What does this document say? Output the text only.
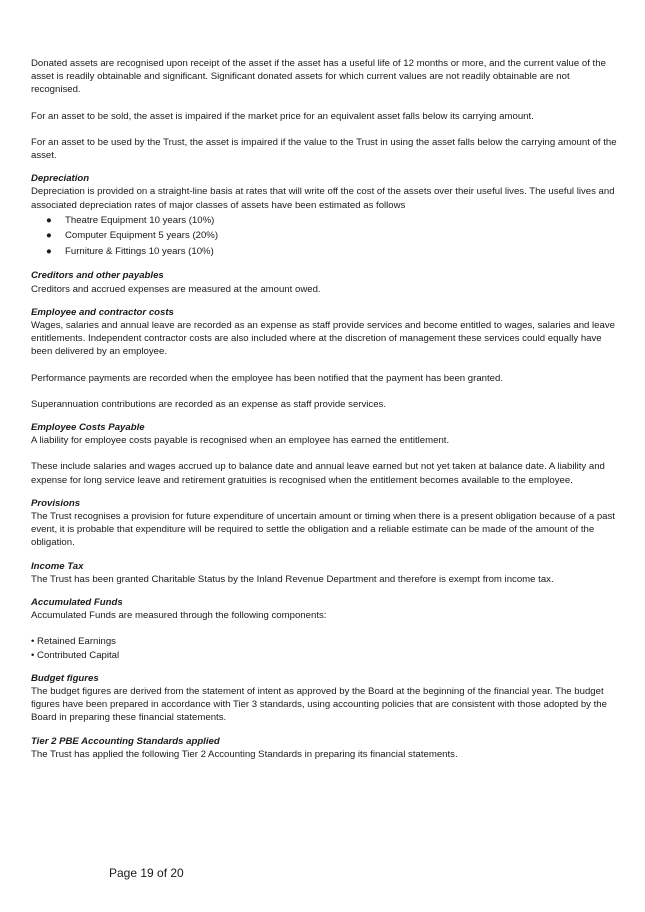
Donated assets are recognised upon receipt of the asset if the asset has a useful life of 12 months or more, and the current value of the asset is readily obtainable and significant. Significant donated assets for which current values are not readily obtainable are not recognised.

For an asset to be sold, the asset is impaired if the market price for an equivalent asset falls below its carrying amount.

For an asset to be used by the Trust, the asset is impaired if the value to the Trust in using the asset falls below the carrying amount of the asset.

Depreciation

Depreciation is provided on a straight-line basis at rates that will write off the cost of the assets over their useful lives. The useful lives and associated depreciation rates of major classes of assets have been estimated as follows

● Theatre Equipment 10 years (10%)
● Computer Equipment 5 years (20%)
● Furniture & Fittings 10 years (10%)

Creditors and other payables

Creditors and accrued expenses are measured at the amount owed.

Employee and contractor costs

Wages, salaries and annual leave are recorded as an expense as staff provide services and become entitled to wages, salaries and leave entitlements. Independent contractor costs are also included where at the discretion of management these services could equally have been delivered by an employee.

Performance payments are recorded when the employee has been notified that the payment has been granted.

Superannuation contributions are recorded as an expense as staff provide services.

Employee Costs Payable

A liability for employee costs payable is recognised when an employee has earned the entitlement.

These include salaries and wages accrued up to balance date and annual leave earned but not yet taken at balance date. A liability and expense for long service leave and retirement gratuities is recognised when the entitlement becomes available to the employee.

Provisions

The Trust recognises a provision for future expenditure of uncertain amount or timing when there is a present obligation because of a past event, it is probable that expenditure will be required to settle the obligation and a reliable estimate can be made of the amount of the obligation.

Income Tax

The Trust has been granted Charitable Status by the Inland Revenue Department and therefore is exempt from income tax.

Accumulated Funds

Accumulated Funds are measured through the following components:

• Retained Earnings
• Contributed Capital

Budget figures

The budget figures are derived from the statement of intent as approved by the Board at the beginning of the financial year. The budget figures have been prepared in accordance with Tier 3 standards, using accounting policies that are consistent with those adopted by the Board in preparing these financial statements.

Tier 2 PBE Accounting Standards applied

The Trust has applied the following Tier 2 Accounting Standards in preparing its financial statements.

Page 19 of 20
